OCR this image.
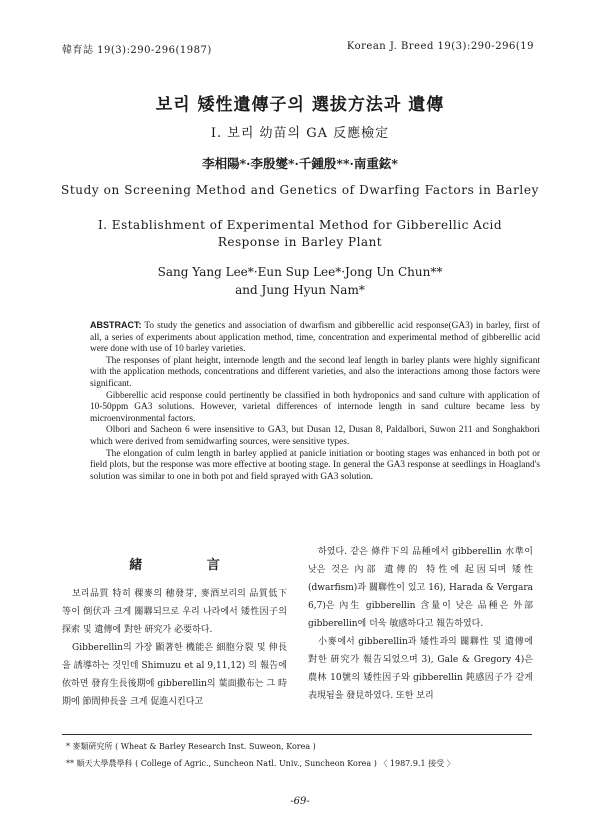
韓育誌 19(3):290-296(1987)	Korean J. Breed 19(3):290-296(19
보리 矮性遺傳子의 選拔方法과 遺傳
I. 보리 幼苗의 GA 反應檢定
李相陽*·李殷燮*·千鍾殷**·南重鉉*
Study on Screening Method and Genetics of Dwarfing Factors in Barley
Ⅰ. Establishment of Experimental Method for Gibberellic Acid
Response in Barley Plant
Sang Yang Lee*·Eun Sup Lee*·Jong Un Chun**
and Jung Hyun Nam*

ABSTRACT: To study the genetics and association of dwarfism and gibberellic acid response(GA3) in barley, first of all, a series of experiments about application method, time, concentration and experimental method of gibberellic acid were done with use of 10 barley varieties.

The responses of plant height, internode length and the second leaf length in barley plants were highly significant with the application methods, concentrations and different varieties, and also the interactions among those factors were significant.

Gibberellic acid response could pertinently be classified in both hydroponics and sand culture with application of 10-50ppm GA3 solutions. However, varietal differences of internode length in sand culture became less by microenvironmental factors.

Olbori and Sacheon 6 were insensitive to GA3, but Dusan 12, Dusan 8, Paldalbori, Suwon 211 and Songhakbori which were derived from semidwarfing sources, were sensitive types.

The elongation of culm length in barley applied at panicle initiation or booting stages was enhanced in both pot or field plots, but the response was more effective at booting stage. In general the GA3 response at seedlings in Hoagland's solution was similar to one in both pot and field sprayed with GA3 solution.

緒 言

보리品質 特히 稞麥의 穗發芽, 麥酒보리의 品質低下 等이 倒伏과 크게 關聯되므로 우리 나라에서 矮性因子의 探索 및 遺傳에 對한 硏究가 必要하다.

Gibberellin의 가장 顯著한 機能은 細胞分裂 및 伸長을 誘導하는 것인데 Shimuzu et al 9,11,12) 의 報告에 依하면 發育生長後期에 gibberellin의 葉面撒布는 그 時期에 節間伸長을 크게 促進시킨다고

하였다. 같은 條件下의 品種에서 gibberellin 水準이 낮은 것은 內部 遺傳的 特性에 起因되며 矮性(dwarfism)과 關聯性이 있고 16), Harada & Vergara 6,7)은 內生 gibberellin 含量이 낮은 品種은 外部 gibberellin에 더욱 敏感하다고 報告하였다.

小麥에서 gibberellin과 矮性과의 關聯性 및 遺傳에 對한 硏究가 報告되었으며 3), Gale & Gregory 4)은 農林 10號의 矮性因子와 gibberellin 鈍感因子가 같게 表現됨을 發見하였다. 또한 보리

* 麥類硏究所 ( Wheat & Barley Research Inst. Suweon, Korea )
** 順天大學農學科 ( College of Agric., Suncheon Natl. Univ., Suncheon Korea ) 〈 1987.9.1 接受 〉
-69-
